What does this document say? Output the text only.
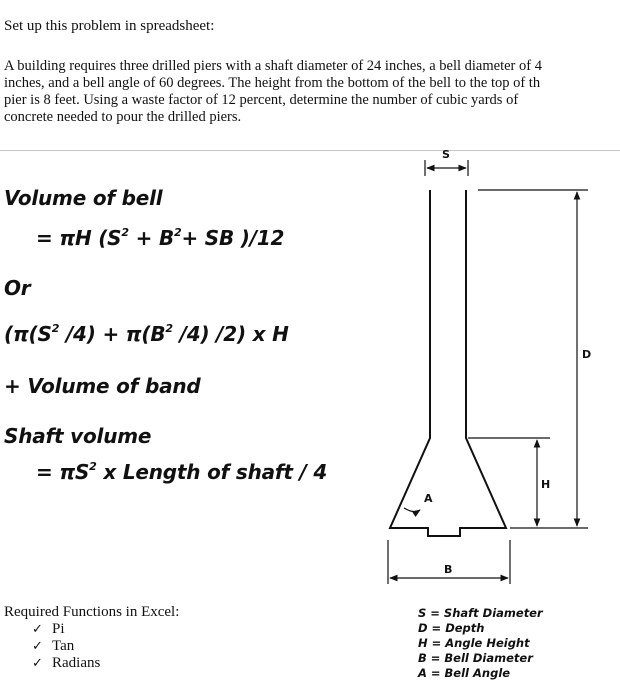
Set up this problem in spreadsheet:
A building requires three drilled piers with a shaft diameter of 24 inches, a bell diameter of 4
inches, and a bell angle of 60 degrees. The height from the bottom of the bell to the top of th
pier is 8 feet. Using a waste factor of 12 percent, determine the number of cubic yards of
concrete needed to pour the drilled piers.
Volume of bell
= πH ($S^2 + B^2+$ SB )/12
Or
($\pi(S^2$ $/4) + \pi(B^2$ /4) /2) x H
+ Volume of band
Shaft volume
= $\pi S^2$ x Length of shaft / 4
S
D
H
A
B
Required Functions in Excel:
✓ Pi
✓ Tan
✓ Radians
S = Shaft Diameter
D = Depth
H = Angle Height
B = Bell Diameter
A = Bell Angle
